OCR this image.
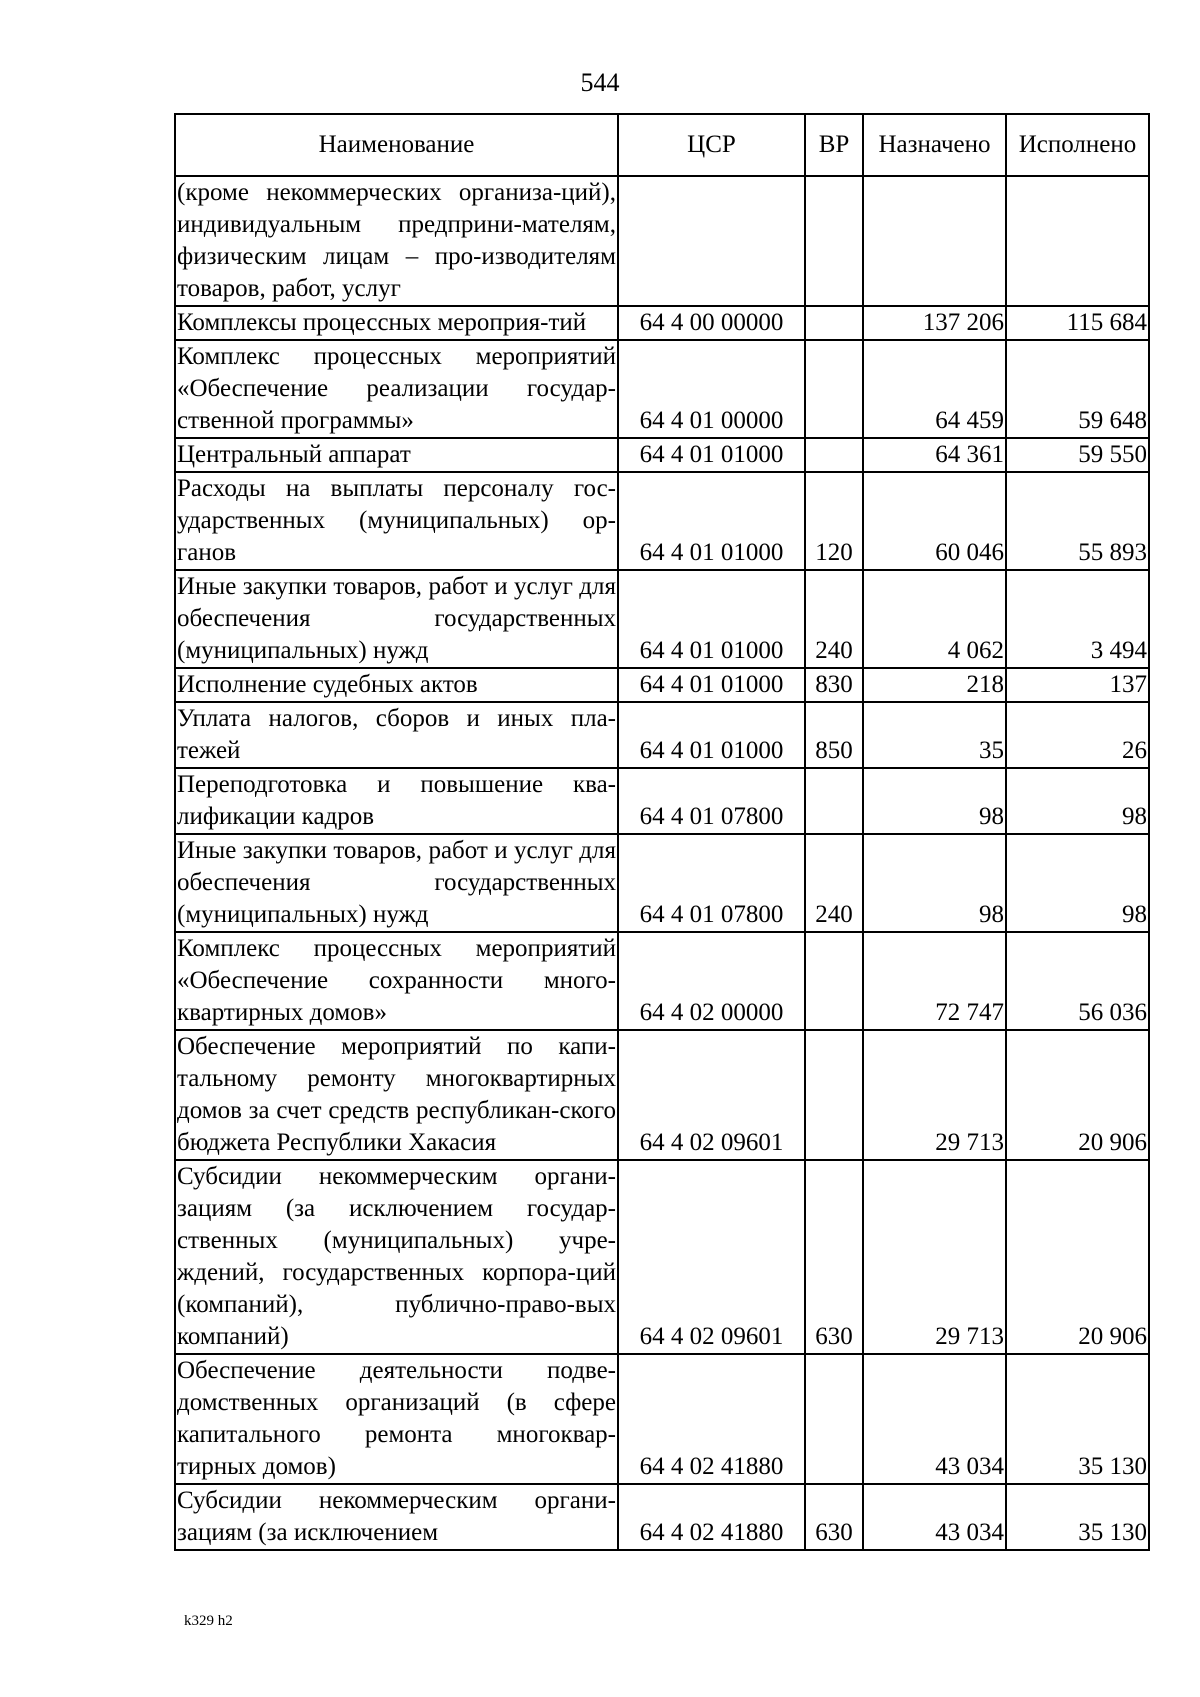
544
Наименование	ЦСР	ВР	Назначено	Исполнено
(кроме некоммерческих организа-ций), индивидуальным предприни-мателям, физическим лицам – про-изводителям товаров, работ, услуг				
Комплексы процессных мероприя-тий	64 4 00 00000		137 206	115 684
Комплекс процессных мероприятий «Обеспечение реализации государ-ственной программы»	64 4 01 00000		64 459	59 648
Центральный аппарат	64 4 01 01000		64 361	59 550
Расходы на выплаты персоналу гос-ударственных (муниципальных) ор-ганов	64 4 01 01000	120	60 046	55 893
Иные закупки товаров, работ и услуг для обеспечения государственных (муниципальных) нужд	64 4 01 01000	240	4 062	3 494
Исполнение судебных актов	64 4 01 01000	830	218	137
Уплата налогов, сборов и иных пла-тежей	64 4 01 01000	850	35	26
Переподготовка и повышение ква-лификации кадров	64 4 01 07800		98	98
Иные закупки товаров, работ и услуг для обеспечения государственных (муниципальных) нужд	64 4 01 07800	240	98	98
Комплекс процессных мероприятий «Обеспечение сохранности много-квартирных домов»	64 4 02 00000		72 747	56 036
Обеспечение мероприятий по капи-тальному ремонту многоквартирных домов за счет средств республикан-ского бюджета Республики Хакасия	64 4 02 09601		29 713	20 906
Субсидии некоммерческим органи-зациям (за исключением государ-ственных (муниципальных) учре-ждений, государственных корпора-ций (компаний), публично-право-вых компаний)	64 4 02 09601	630	29 713	20 906
Обеспечение деятельности подве-домственных организаций (в сфере капитального ремонта многоквар-тирных домов)	64 4 02 41880		43 034	35 130
Субсидии некоммерческим органи-зациям (за исключением	64 4 02 41880	630	43 034	35 130
k329 h2
